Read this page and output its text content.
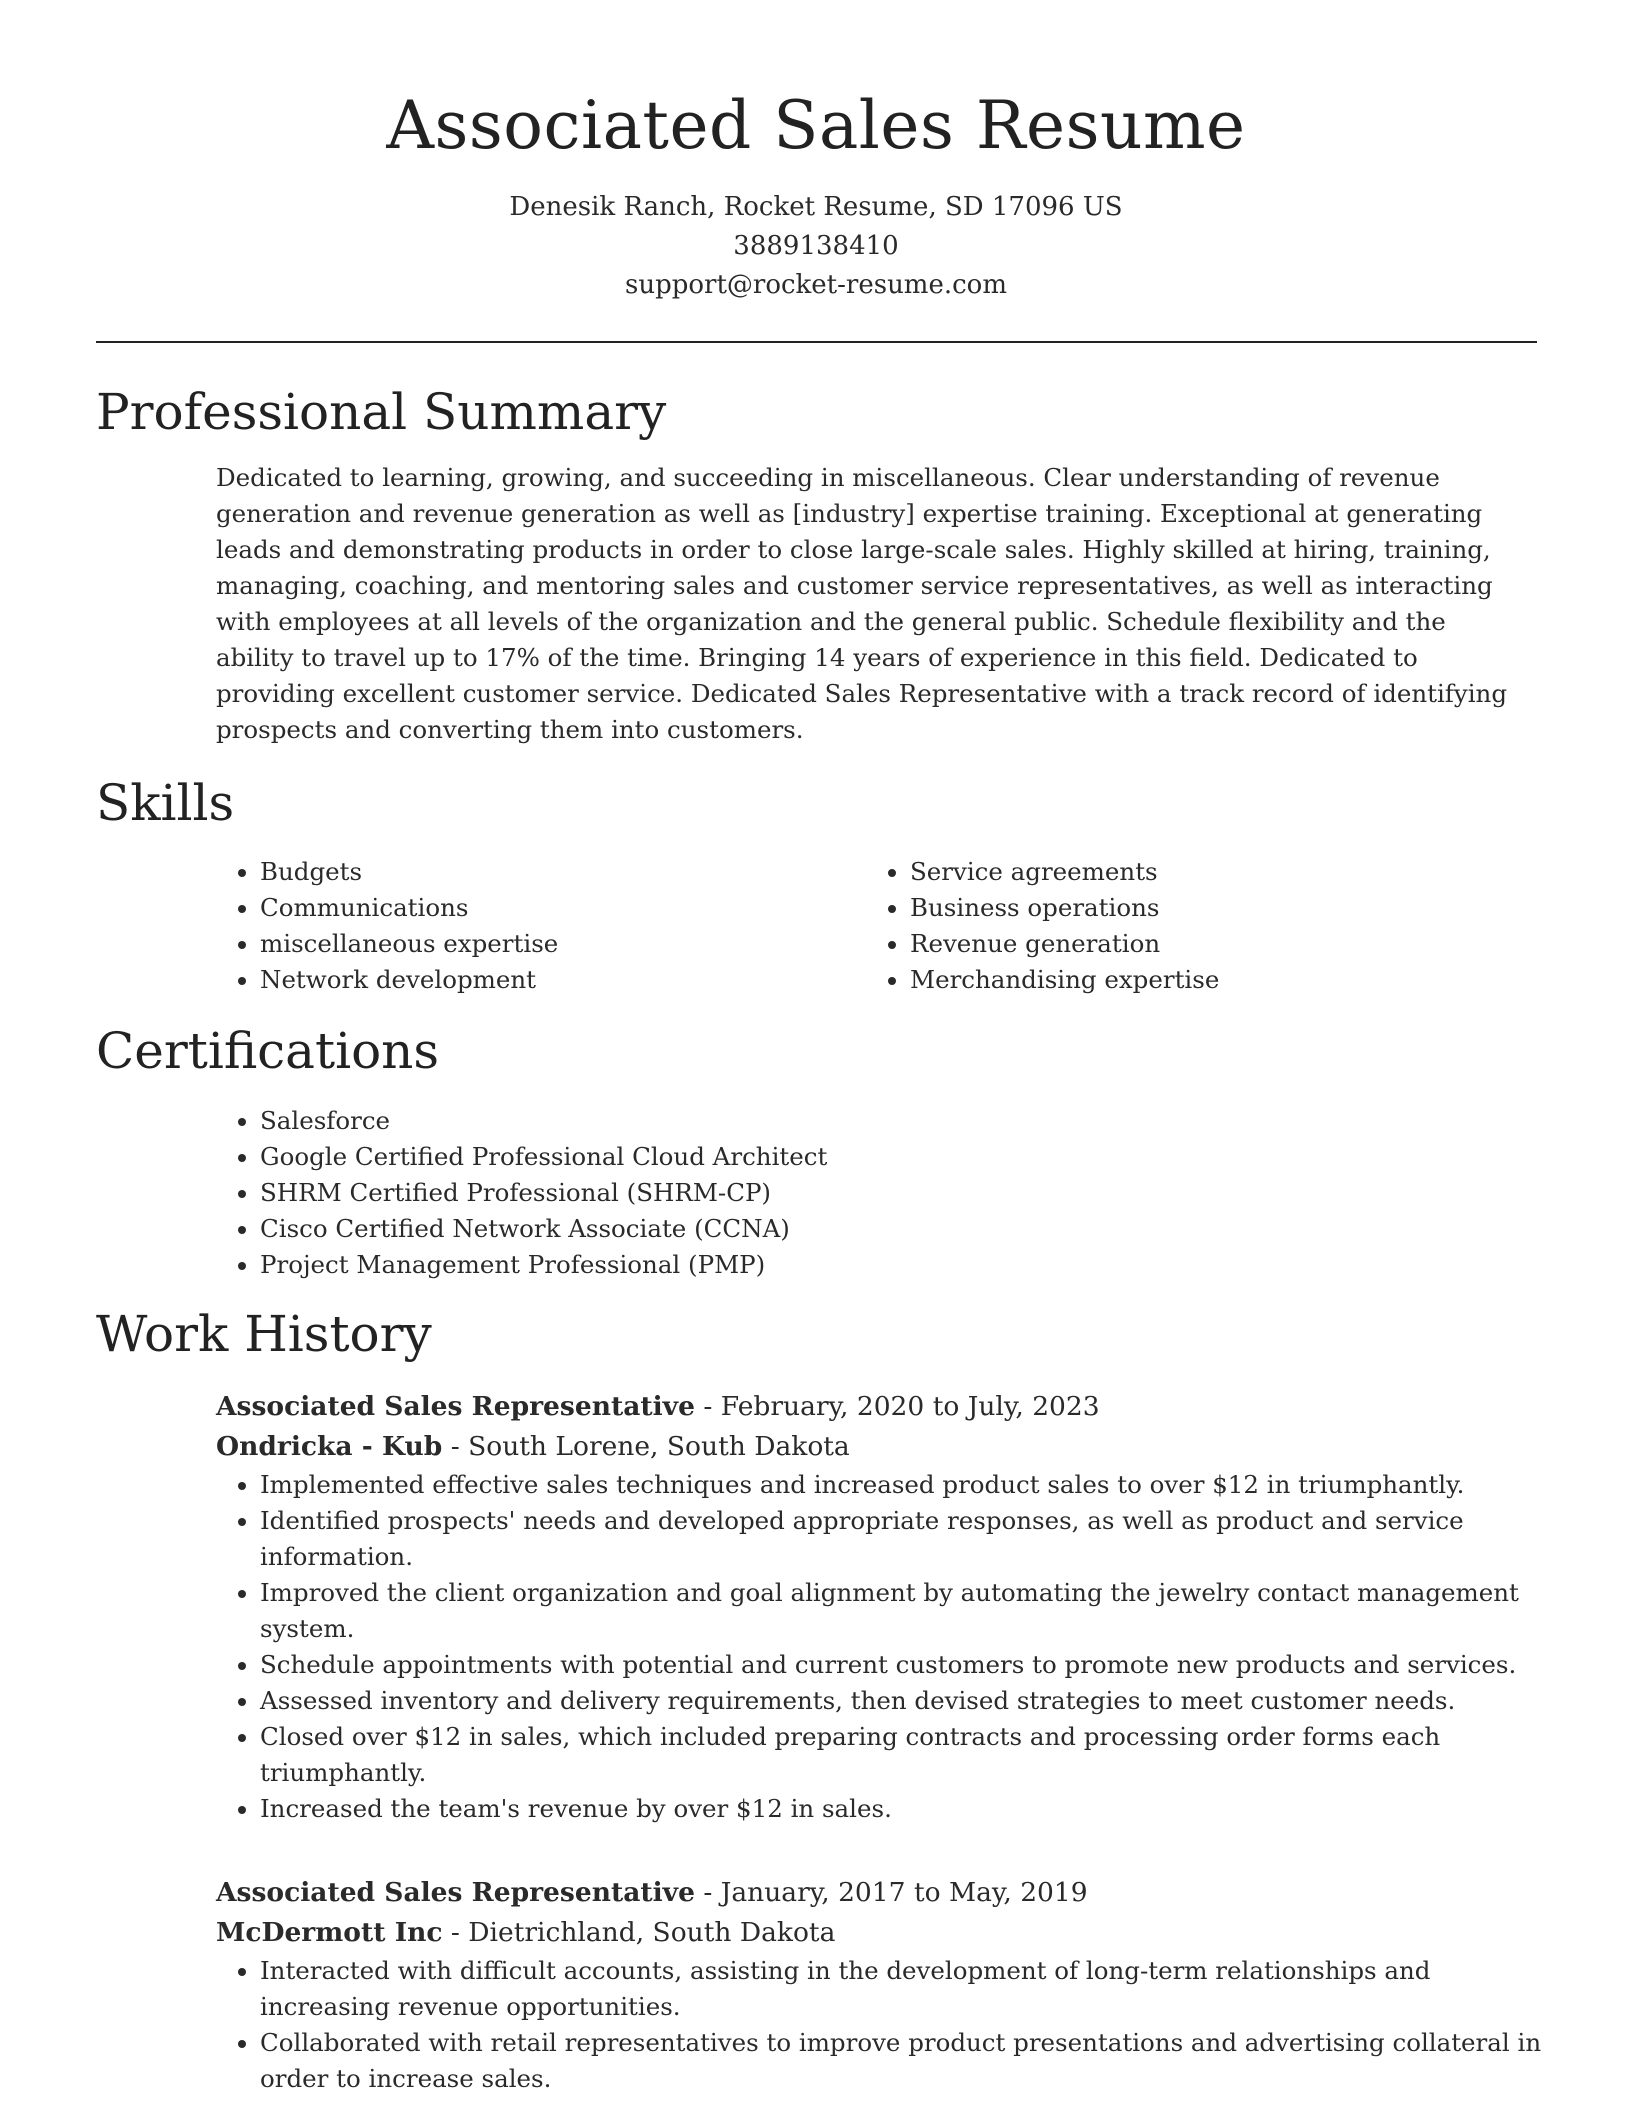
Associated Sales Resume
Denesik Ranch, Rocket Resume, SD 17096 US
3889138410
support@rocket-resume.com
Professional Summary

Dedicated to learning, growing, and succeeding in miscellaneous. Clear understanding of revenue generation and revenue generation as well as [industry] expertise training. Exceptional at generating leads and demonstrating products in order to close large-scale sales. Highly skilled at hiring, training, managing, coaching, and mentoring sales and customer service representatives, as well as interacting with employees at all levels of the organization and the general public. Schedule flexibility and the ability to travel up to 17% of the time. Bringing 14 years of experience in this field. Dedicated to providing excellent customer service. Dedicated Sales Representative with a track record of identifying prospects and converting them into customers.

Skills
• Budgets
• Communications
• miscellaneous expertise
• Network development
• Service agreements
• Business operations
• Revenue generation
• Merchandising expertise
Certifications
• Salesforce
• Google Certified Professional Cloud Architect
• SHRM Certified Professional (SHRM-CP)
• Cisco Certified Network Associate (CCNA)
• Project Management Professional (PMP)
Work History
Associated Sales Representative - February, 2020 to July, 2023
Ondricka - Kub - South Lorene, South Dakota
• Implemented effective sales techniques and increased product sales to over $12 in triumphantly.
• Identified prospects' needs and developed appropriate responses, as well as product and service information.
• Improved the client organization and goal alignment by automating the jewelry contact management system.
• Schedule appointments with potential and current customers to promote new products and services.
• Assessed inventory and delivery requirements, then devised strategies to meet customer needs.
• Closed over $12 in sales, which included preparing contracts and processing order forms each triumphantly.
• Increased the team's revenue by over $12 in sales.
Associated Sales Representative - January, 2017 to May, 2019
McDermott Inc - Dietrichland, South Dakota
• Interacted with difficult accounts, assisting in the development of long-term relationships and increasing revenue opportunities.
• Collaborated with retail representatives to improve product presentations and advertising collateral in order to increase sales.
